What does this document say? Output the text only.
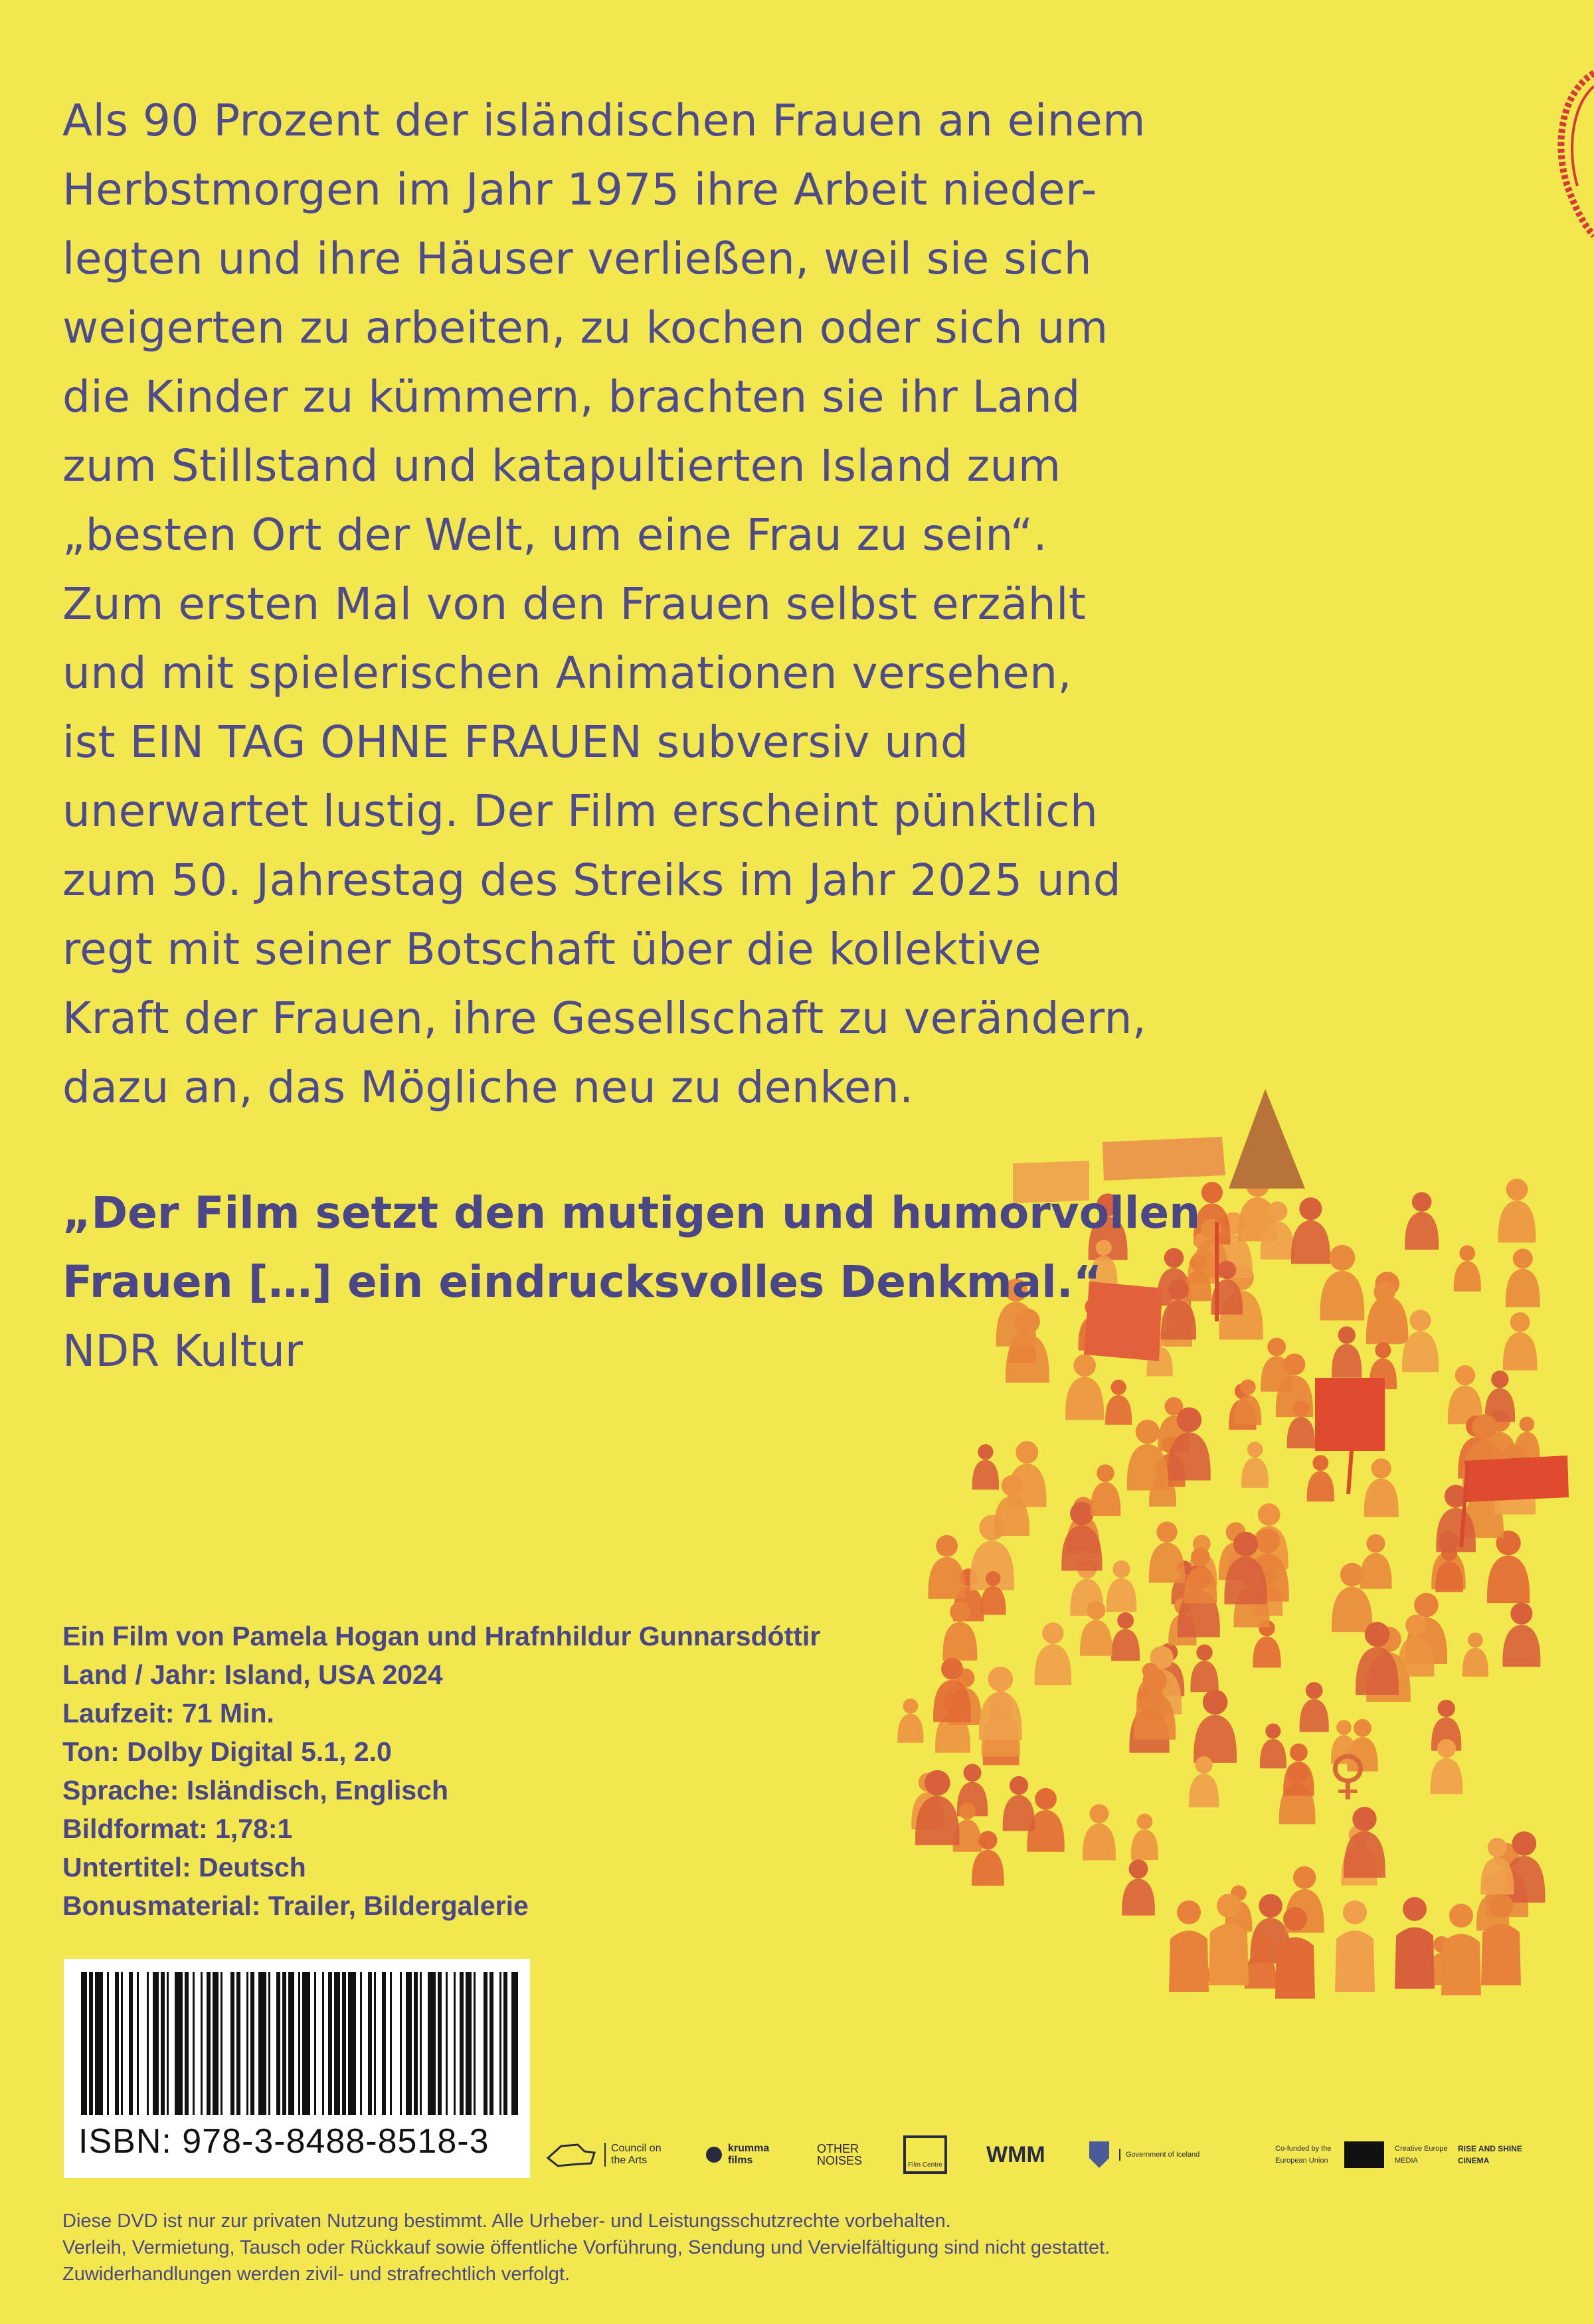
♀
Als 90 Prozent der isländischen Frauen an einem
Herbstmorgen im Jahr 1975 ihre Arbeit nieder-
legten und ihre Häuser verließen, weil sie sich
weigerten zu arbeiten, zu kochen oder sich um
die Kinder zu kümmern, brachten sie ihr Land
zum Stillstand und katapultierten Island zum
„besten Ort der Welt, um eine Frau zu sein“.
Zum ersten Mal von den Frauen selbst erzählt
und mit spielerischen Animationen versehen,
ist EIN TAG OHNE FRAUEN subversiv und
unerwartet lustig. Der Film erscheint pünktlich
zum 50. Jahrestag des Streiks im Jahr 2025 und
regt mit seiner Botschaft über die kollektive
Kraft der Frauen, ihre Gesellschaft zu verändern,
dazu an, das Mögliche neu zu denken.
„Der Film setzt den mutigen und humorvollen
Frauen […] ein eindrucksvolles Denkmal.“
NDR Kultur
Ein Film von Pamela Hogan und Hrafnhildur Gunnarsdóttir
Land / Jahr: Island, USA 2024
Laufzeit: 71 Min.
Ton: Dolby Digital 5.1, 2.0
Sprache: Isländisch, Englisch
Bildformat: 1,78:1
Untertitel: Deutsch
Bonusmaterial: Trailer, Bildergalerie
ISBN: 978-3-8488-8518-3	Council on the Arts
krumma films
OTHER NOISES	Film Centre WMM	Government of Iceland
Co-funded by the European Union
Creative Europe MEDIA
RISE AND SHINE CINEMA
Diese DVD ist nur zur privaten Nutzung bestimmt. Alle Urheber- und Leistungsschutzrechte vorbehalten.
Verleih, Vermietung, Tausch oder Rückkauf sowie öffentliche Vorführung, Sendung und Vervielfältigung sind nicht gestattet.
Zuwiderhandlungen werden zivil- und strafrechtlich verfolgt.
